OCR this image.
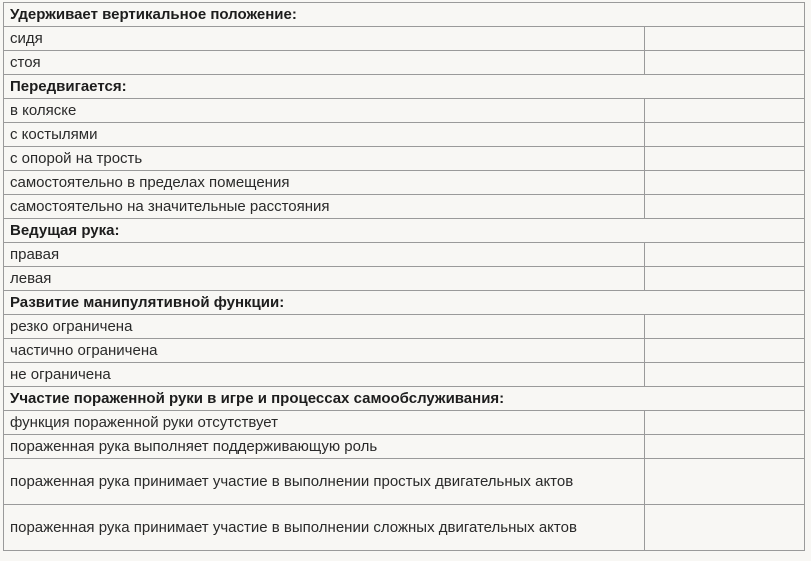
Удерживает вертикальное положение:	
сидя	
стоя	
Передвигается:	
в коляске	
с костылями	
с опорой на трость	
самостоятельно в пределах помещения	
самостоятельно на значительные расстояния	
Ведущая рука:	
правая	
левая	
Развитие манипулятивной функции:	
резко ограничена	
частично ограничена	
не ограничена	
Участие пораженной руки в игре и процессах самообслуживания:	
функция пораженной руки отсутствует	
пораженная рука выполняет поддерживающую роль	
пораженная рука принимает участие в выполнении простых двигательных актов	
пораженная рука принимает участие в выполнении сложных двигательных актов	
